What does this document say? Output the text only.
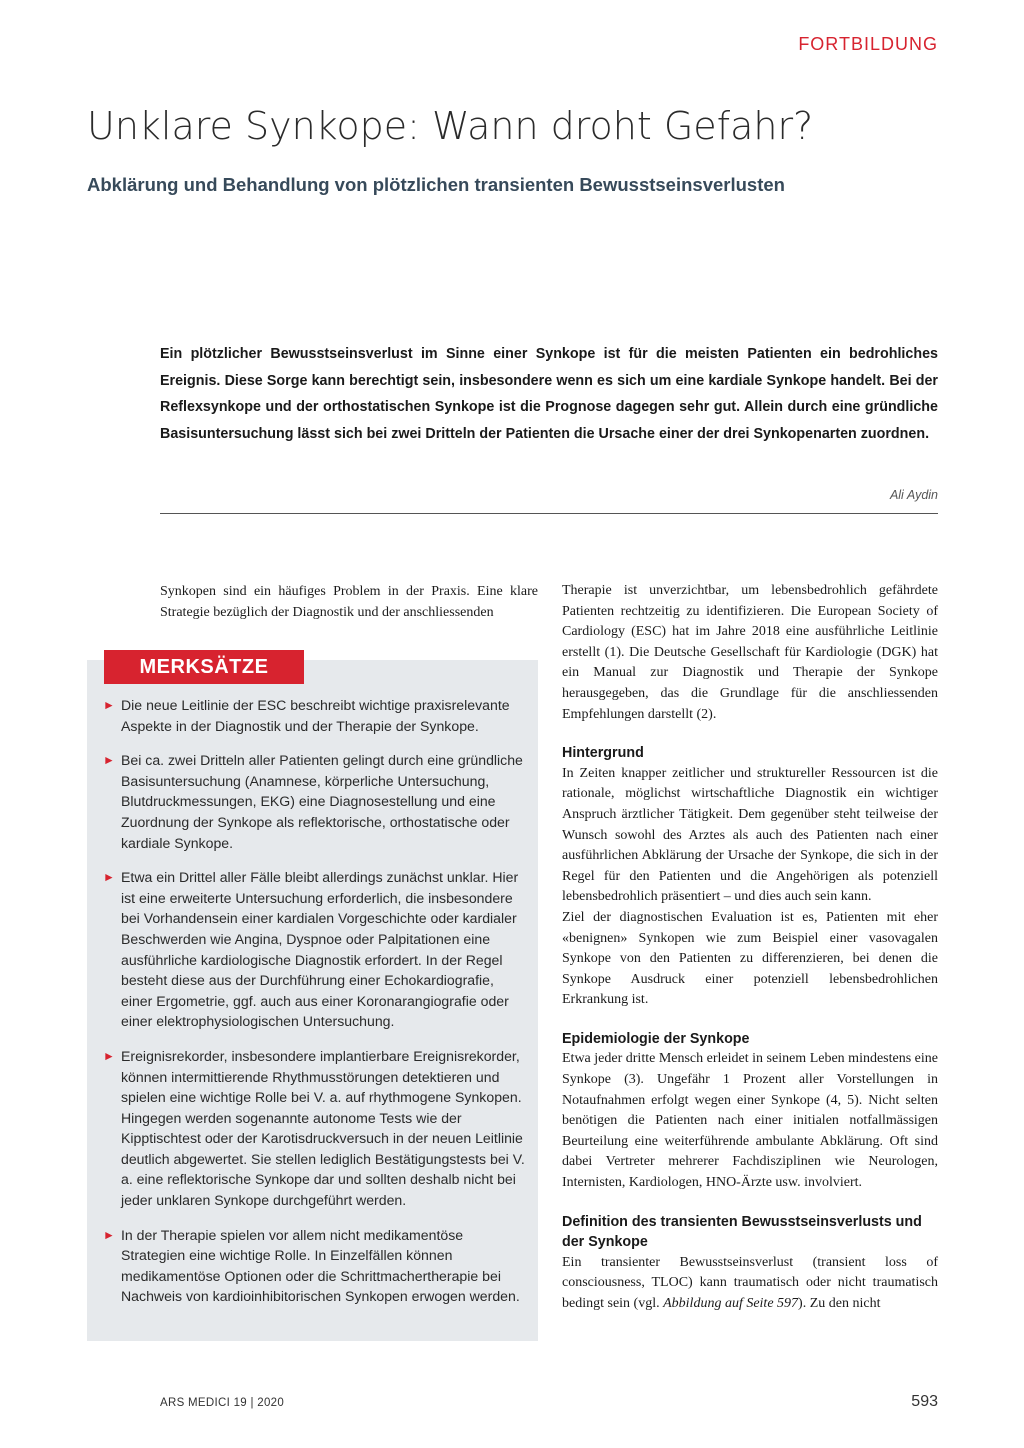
FORTBILDUNG
Unklare Synkope: Wann droht Gefahr?
Abklärung und Behandlung von plötzlichen transienten Bewusstseinsverlusten

Ein plötzlicher Bewusstseinsverlust im Sinne einer Synkope ist für die meisten Patienten ein bedrohliches Ereignis. Diese Sorge kann berechtigt sein, insbesondere wenn es sich um eine kardiale Synkope handelt. Bei der Reflexsynkope und der orthostatischen Synkope ist die Prognose dagegen sehr gut. Allein durch eine gründliche Basisuntersuchung lässt sich bei zwei Dritteln der Patienten die Ursache einer der drei Synkopenarten zuordnen.

Ali Aydin

Synkopen sind ein häufiges Problem in der Praxis. Eine klare Strategie bezüglich der Diagnostik und der anschliessenden

MERKSÄTZE
► Die neue Leitlinie der ESC beschreibt wichtige praxisrelevante Aspekte in der Diagnostik und der Therapie der Synkope.
► Bei ca. zwei Dritteln aller Patienten gelingt durch eine gründliche Basisuntersuchung (Anamnese, körperliche Untersuchung, Blutdruckmessungen, EKG) eine Diagnosestellung und eine Zuordnung der Synkope als reflektorische, orthostatische oder kardiale Synkope.
► Etwa ein Drittel aller Fälle bleibt allerdings zunächst unklar. Hier ist eine erweiterte Untersuchung erforderlich, die insbesondere bei Vorhandensein einer kardialen Vorgeschichte oder kardialer Beschwerden wie Angina, Dyspnoe oder Palpitationen eine ausführliche kardiologische Diagnostik erfordert. In der Regel besteht diese aus der Durchführung einer Echokardiografie, einer Ergometrie, ggf. auch aus einer Koronarangiografie oder einer elektrophysiologischen Untersuchung.
► Ereignisrekorder, insbesondere implantierbare Ereignisrekorder, können intermittierende Rhythmusstörungen detektieren und spielen eine wichtige Rolle bei V. a. auf rhythmogene Synkopen. Hingegen werden sogenannte autonome Tests wie der Kipptischtest oder der Karotisdruckversuch in der neuen Leitlinie deutlich abgewertet. Sie stellen lediglich Bestätigungstests bei V. a. eine reflektorische Synkope dar und sollten deshalb nicht bei jeder unklaren Synkope durchgeführt werden.
► In der Therapie spielen vor allem nicht medikamentöse Strategien eine wichtige Rolle. In Einzelfällen können medikamentöse Optionen oder die Schrittmachertherapie bei Nachweis von kardioinhibitorischen Synkopen erwogen werden.

Therapie ist unverzichtbar, um lebensbedrohlich gefährdete Patienten rechtzeitig zu identifizieren. Die European Society of Cardiology (ESC) hat im Jahre 2018 eine ausführliche Leitlinie erstellt (1). Die Deutsche Gesellschaft für Kardiologie (DGK) hat ein Manual zur Diagnostik und Therapie der Synkope herausgegeben, das die Grundlage für die anschliessenden Empfehlungen darstellt (2).

Hintergrund

In Zeiten knapper zeitlicher und struktureller Ressourcen ist die rationale, möglichst wirtschaftliche Diagnostik ein wichtiger Anspruch ärztlicher Tätigkeit. Dem gegenüber steht teilweise der Wunsch sowohl des Arztes als auch des Patienten nach einer ausführlichen Abklärung der Ursache der Synkope, die sich in der Regel für den Patienten und die Angehörigen als potenziell lebensbedrohlich präsentiert – und dies auch sein kann.

Ziel der diagnostischen Evaluation ist es, Patienten mit eher «benignen» Synkopen wie zum Beispiel einer vasovagalen Synkope von den Patienten zu differenzieren, bei denen die Synkope Ausdruck einer potenziell lebensbedrohlichen Erkrankung ist.

Epidemiologie der Synkope

Etwa jeder dritte Mensch erleidet in seinem Leben mindestens eine Synkope (3). Ungefähr 1 Prozent aller Vorstellungen in Notaufnahmen erfolgt wegen einer Synkope (4, 5). Nicht selten benötigen die Patienten nach einer initialen notfallmässigen Beurteilung eine weiterführende ambulante Abklärung. Oft sind dabei Vertreter mehrerer Fachdisziplinen wie Neurologen, Internisten, Kardiologen, HNO-Ärzte usw. involviert.

Definition des transienten Bewusstseinsverlusts und der Synkope

Ein transienter Bewusstseinsverlust (transient loss of consciousness, TLOC) kann traumatisch oder nicht traumatisch bedingt sein (vgl. Abbildung auf Seite 597). Zu den nicht

ARS MEDICI 19 | 2020	593
